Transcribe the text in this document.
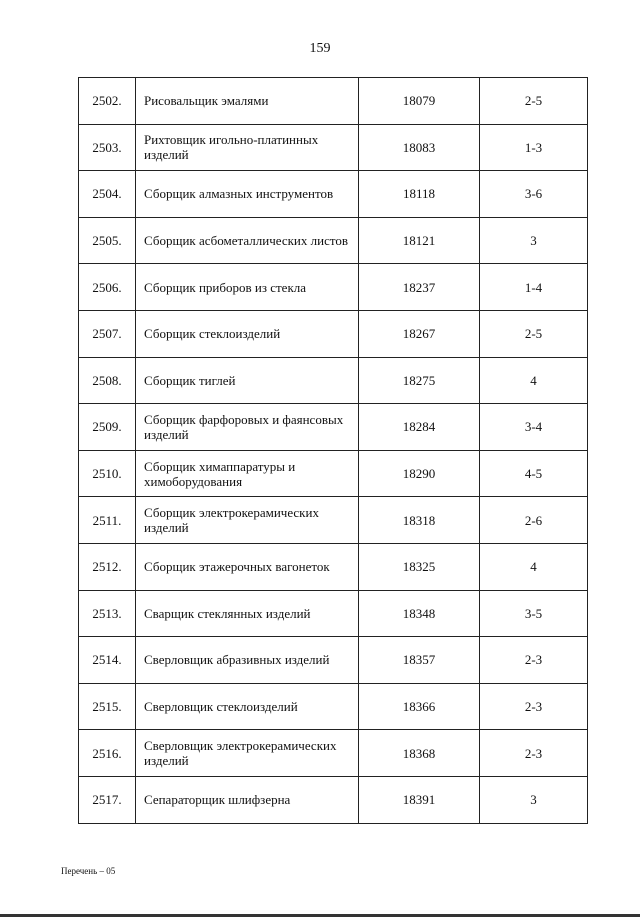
159
2502.	Рисовальщик эмалями	18079	2-5
2503.	Рихтовщик игольно-платинных изделий	18083	1-3
2504.	Сборщик алмазных инструментов	18118	3-6
2505.	Сборщик асбометаллических листов	18121	3
2506.	Сборщик приборов из стекла	18237	1-4
2507.	Сборщик стеклоизделий	18267	2-5
2508.	Сборщик тиглей	18275	4
2509.	Сборщик фарфоровых и фаянсовых изделий	18284	3-4
2510.	Сборщик химаппаратуры и химоборудования	18290	4-5
2511.	Сборщик электрокерамических изделий	18318	2-6
2512.	Сборщик этажерочных вагонеток	18325	4
2513.	Сварщик стеклянных изделий	18348	3-5
2514.	Сверловщик абразивных изделий	18357	2-3
2515.	Сверловщик стеклоизделий	18366	2-3
2516.	Сверловщик электрокерамических изделий	18368	2-3
2517.	Сепараторщик шлифзерна	18391	3
Перечень – 05
